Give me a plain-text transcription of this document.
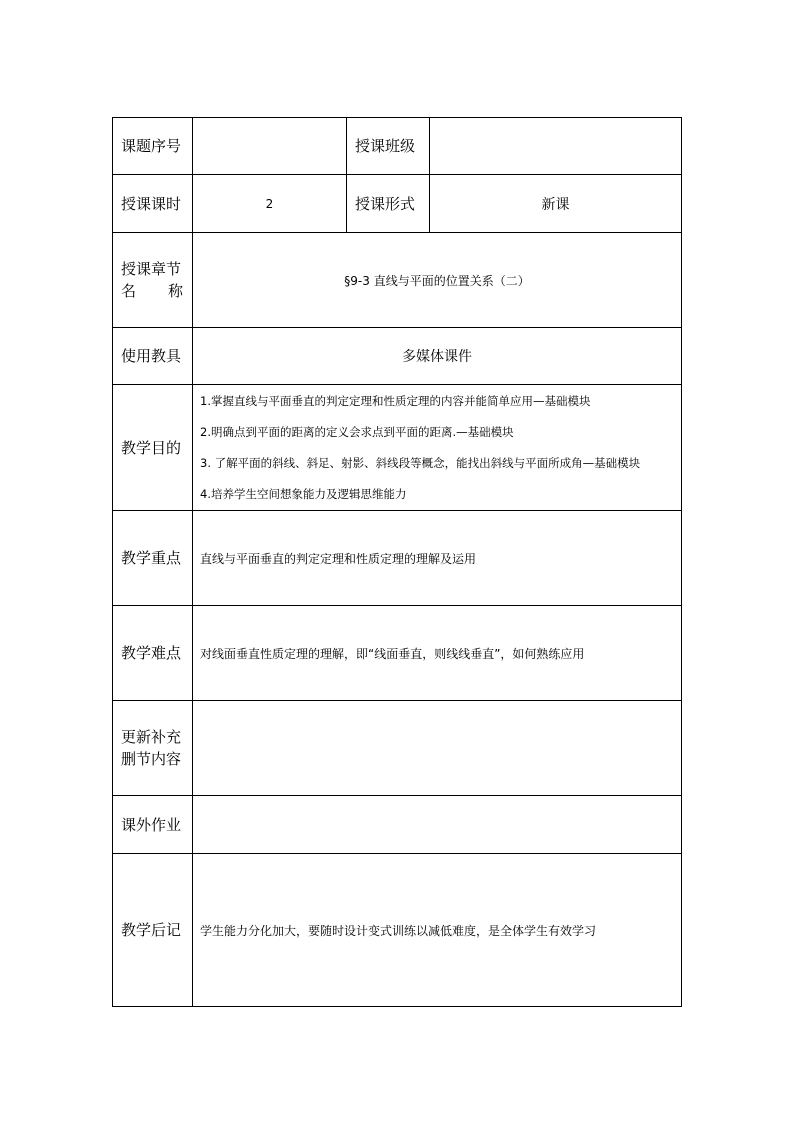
课题序号		授课班级	
授课课时	2	授课形式	新课

授课章节
名 称	§9-3 直线与平面的位置关系（二）		
使用教具	多媒体课件		
教学目的	1.掌握直线与平面垂直的判定定理和性质定理的内容并能简单应用—基础模块
2.明确点到平面的距离的定义会求点到平面的距离.—基础模块
3. 了解平面的斜线、斜足、射影、斜线段等概念，能找出斜线与平面所成角—基础模块
4.培养学生空间想象能力及逻辑思维能力		

教学重点	直线与平面垂直的判定定理和性质定理的理解及运用		
教学难点	对线面垂直性质定理的理解，即“线面垂直，则线线垂直”，如何熟练应用		

更新补充
删节内容			

课外作业			
教学后记	学生能力分化加大，要随时设计变式训练以减低难度，是全体学生有效学习		
